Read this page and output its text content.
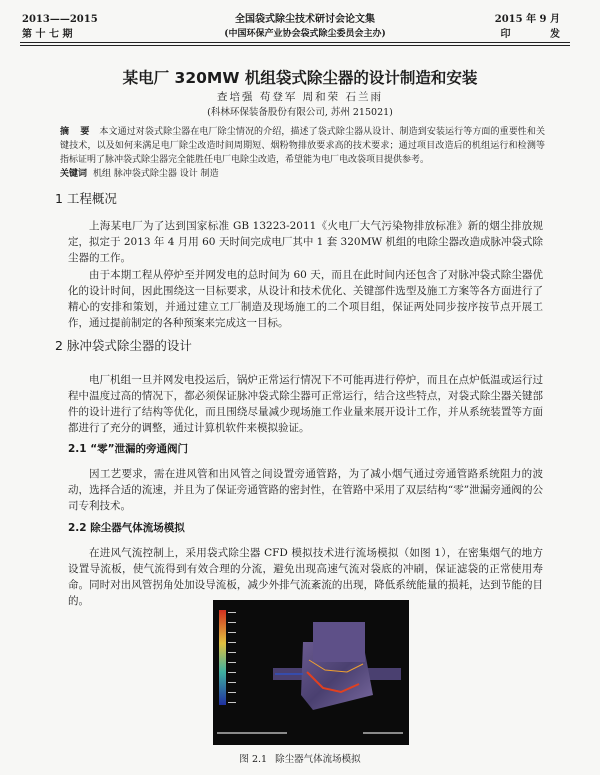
2013——2015
第 十 七 期
全国袋式除尘技术研讨会论文集
(中国环保产业协会袋式除尘委员会主办)
2015 年 9 月
印 发
某电厂 320MW 机组袋式除尘器的设计制造和安装
查培强 苟登军 周和荣 石兰雨
(科林环保装备股份有限公司, 苏州 215021)
摘 要 本文通过对袋式除尘器在电厂除尘情况的介绍，描述了袋式除尘器从设计、制造到安装运行等方面的重要性和关键技术，以及如何来满足电厂除尘改造时间周期短、烟粉物排放要求高的技术要求；通过项目改造后的机组运行和检测等指标证明了脉冲袋式除尘器完全能胜任电厂电除尘改造，希望能为电厂电改袋项目提供参考。
关键词 机组 脉冲袋式除尘器 设计 制造
1 工程概况
上海某电厂为了达到国家标准 GB 13223-2011《火电厂大气污染物排放标准》新的烟尘排放规定，拟定于 2013 年 4 月用 60 天时间完成电厂其中 1 套 320MW 机组的电除尘器改造成脉冲袋式除尘器的工作。
由于本期工程从停炉至并网发电的总时间为 60 天，而且在此时间内还包含了对脉冲袋式除尘器优化的设计时间，因此围绕这一目标要求，从设计和技术优化、关键部件选型及施工方案等各方面进行了精心的安排和策划，并通过建立工厂制造及现场施工的二个项目组，保证两处同步按序按节点开展工作，通过提前制定的各种预案来完成这一目标。
2 脉冲袋式除尘器的设计
电厂机组一旦并网发电投运后，锅炉正常运行情况下不可能再进行停炉，而且在点炉低温或运行过程中温度过高的情况下，都必须保证脉冲袋式除尘器可正常运行，结合这些特点，对袋式除尘器关键部件的设计进行了结构等优化，而且围绕尽量减少现场施工作业量来展开设计工作，并从系统装置等方面都进行了充分的调整，通过计算机软件来模拟验证。
2.1 “零”泄漏的旁通阀门
因工艺要求，需在进风管和出风管之间设置旁通管路，为了减小烟气通过旁通管路系统阻力的波动，选择合适的流速，并且为了保证旁通管路的密封性，在管路中采用了双层结构“零”泄漏旁通阀的公司专利技术。
2.2 除尘器气体流场模拟
在进风气流控制上，采用袋式除尘器 CFD 模拟技术进行流场模拟（如图 1），在密集烟气的地方设置导流板，使气流得到有效合理的分流，避免出现高速气流对袋底的冲刷，保证滤袋的正常使用寿命。同时对出风管拐角处加设导流板，减少外排气流紊流的出现，降低系统能量的损耗，达到节能的目的。
图 2.1 除尘器气体流场模拟
